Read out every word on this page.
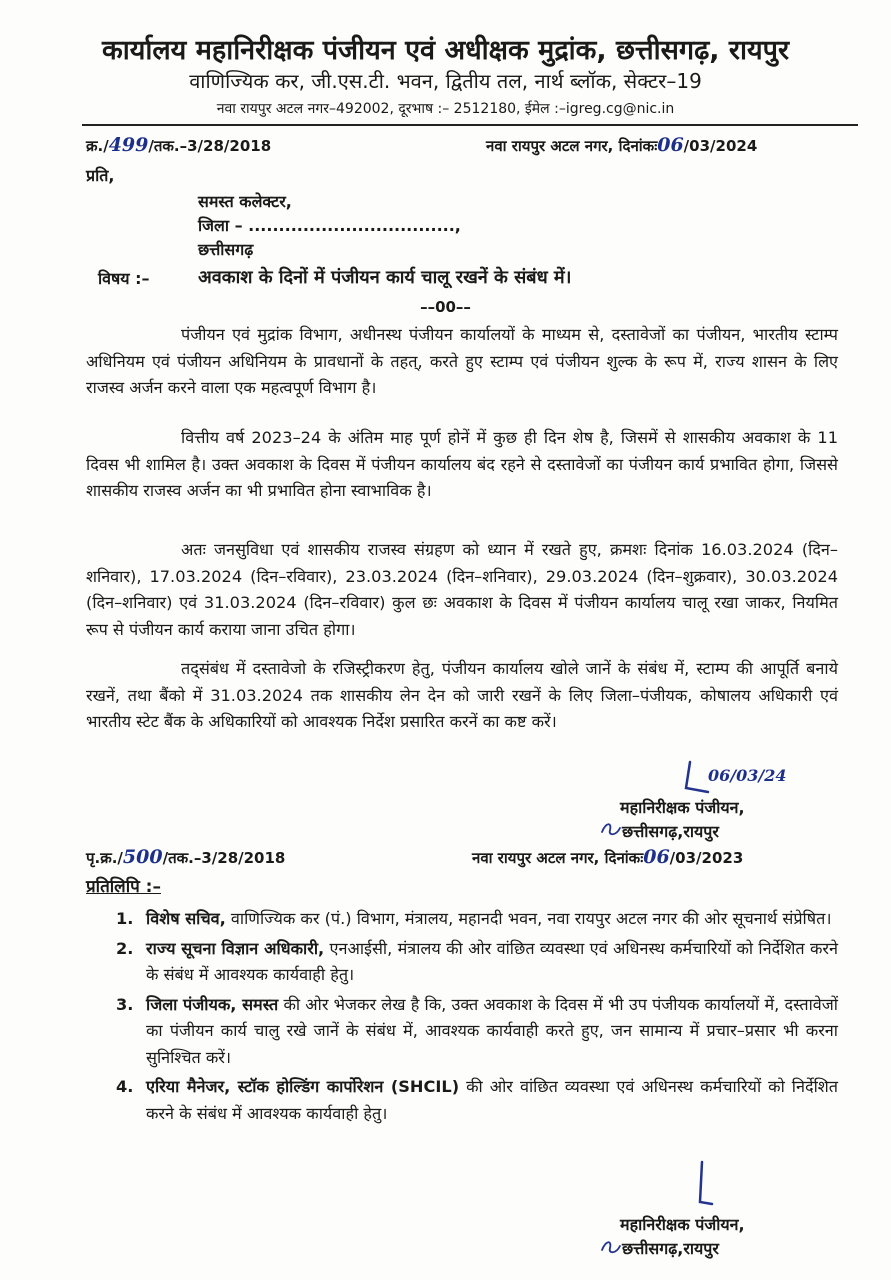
कार्यालय महानिरीक्षक पंजीयन एवं अधीक्षक मुद्रांक, छत्तीसगढ़, रायपुर
वाणिज्यिक कर, जी.एस.टी. भवन, द्वितीय तल, नार्थ ब्लॉक, सेक्टर–19
नवा रायपुर अटल नगर–492002, दूरभाष :– 2512180, ईमेल :–igreg.cg@nic.in
क्र./499/तक.–3/28/2018	नवा रायपुर अटल नगर, दिनांकः06/03/2024
प्रति,
समस्त कलेक्टर,
जिला – ..................................,
छत्तीसगढ़
विषय :–	अवकाश के दिनों में पंजीयन कार्य चालू रखनें के संबंध में।
––00––
पंजीयन एवं मुद्रांक विभाग, अधीनस्थ पंजीयन कार्यालयों के माध्यम से, दस्तावेजों का पंजीयन, भारतीय स्टाम्प अधिनियम एवं पंजीयन अधिनियम के प्रावधानों के तहत्, करते हुए स्टाम्प एवं पंजीयन शुल्क के रूप में, राज्य शासन के लिए राजस्व अर्जन करने वाला एक महत्वपूर्ण विभाग है।
वित्तीय वर्ष 2023–24 के अंतिम माह पूर्ण होनें में कुछ ही दिन शेष है, जिसमें से शासकीय अवकाश के 11 दिवस भी शामिल है। उक्त अवकाश के दिवस में पंजीयन कार्यालय बंद रहने से दस्तावेजों का पंजीयन कार्य प्रभावित होगा, जिससे शासकीय राजस्व अर्जन का भी प्रभावित होना स्वाभाविक है।
अतः जनसुविधा एवं शासकीय राजस्व संग्रहण को ध्यान में रखते हुए, क्रमशः दिनांक 16.03.2024 (दिन–शनिवार), 17.03.2024 (दिन–रविवार), 23.03.2024 (दिन–शनिवार), 29.03.2024 (दिन–शुक्रवार), 30.03.2024 (दिन–शनिवार) एवं 31.03.2024 (दिन–रविवार) कुल छः अवकाश के दिवस में पंजीयन कार्यालय चालू रखा जाकर, नियमित रूप से पंजीयन कार्य कराया जाना उचित होगा।
तद्संबंध में दस्तावेजो के रजिस्ट्रीकरण हेतु, पंजीयन कार्यालय खोले जानें के संबंध में, स्टाम्प की आपूर्ति बनाये रखनें, तथा बैंको में 31.03.2024 तक शासकीय लेन देन को जारी रखनें के लिए जिला–पंजीयक, कोषालय अधिकारी एवं भारतीय स्टेट बैंक के अधिकारियों को आवश्यक निर्देश प्रसारित करनें का कष्ट करें।
06/03/24
महानिरीक्षक पंजीयन,
छत्तीसगढ़,रायपुर
पृ.क्र./500/तक.–3/28/2018	नवा रायपुर अटल नगर, दिनांकः06/03/2023
प्रतिलिपि :–
1. विशेष सचिव, वाणिज्यिक कर (पं.) विभाग, मंत्रालय, महानदी भवन, नवा रायपुर अटल नगर की ओर सूचनार्थ संप्रेषित।
2. राज्य सूचना विज्ञान अधिकारी, एनआईसी, मंत्रालय की ओर वांछित व्यवस्था एवं अधिनस्थ कर्मचारियों को निर्देशित करने के संबंध में आवश्यक कार्यवाही हेतु।
3. जिला पंजीयक, समस्त की ओर भेजकर लेख है कि, उक्त अवकाश के दिवस में भी उप पंजीयक कार्यालयों में, दस्तावेजों का पंजीयन कार्य चालु रखे जानें के संबंध में, आवश्यक कार्यवाही करते हुए, जन सामान्य में प्रचार–प्रसार भी करना सुनिश्चित करें।
4. एरिया मैनेजर, स्टॉक होल्डिंग कार्पोरेशन (SHCIL) की ओर वांछित व्यवस्था एवं अधिनस्थ कर्मचारियों को निर्देशित करने के संबंध में आवश्यक कार्यवाही हेतु।
महानिरीक्षक पंजीयन,
छत्तीसगढ़,रायपुर
